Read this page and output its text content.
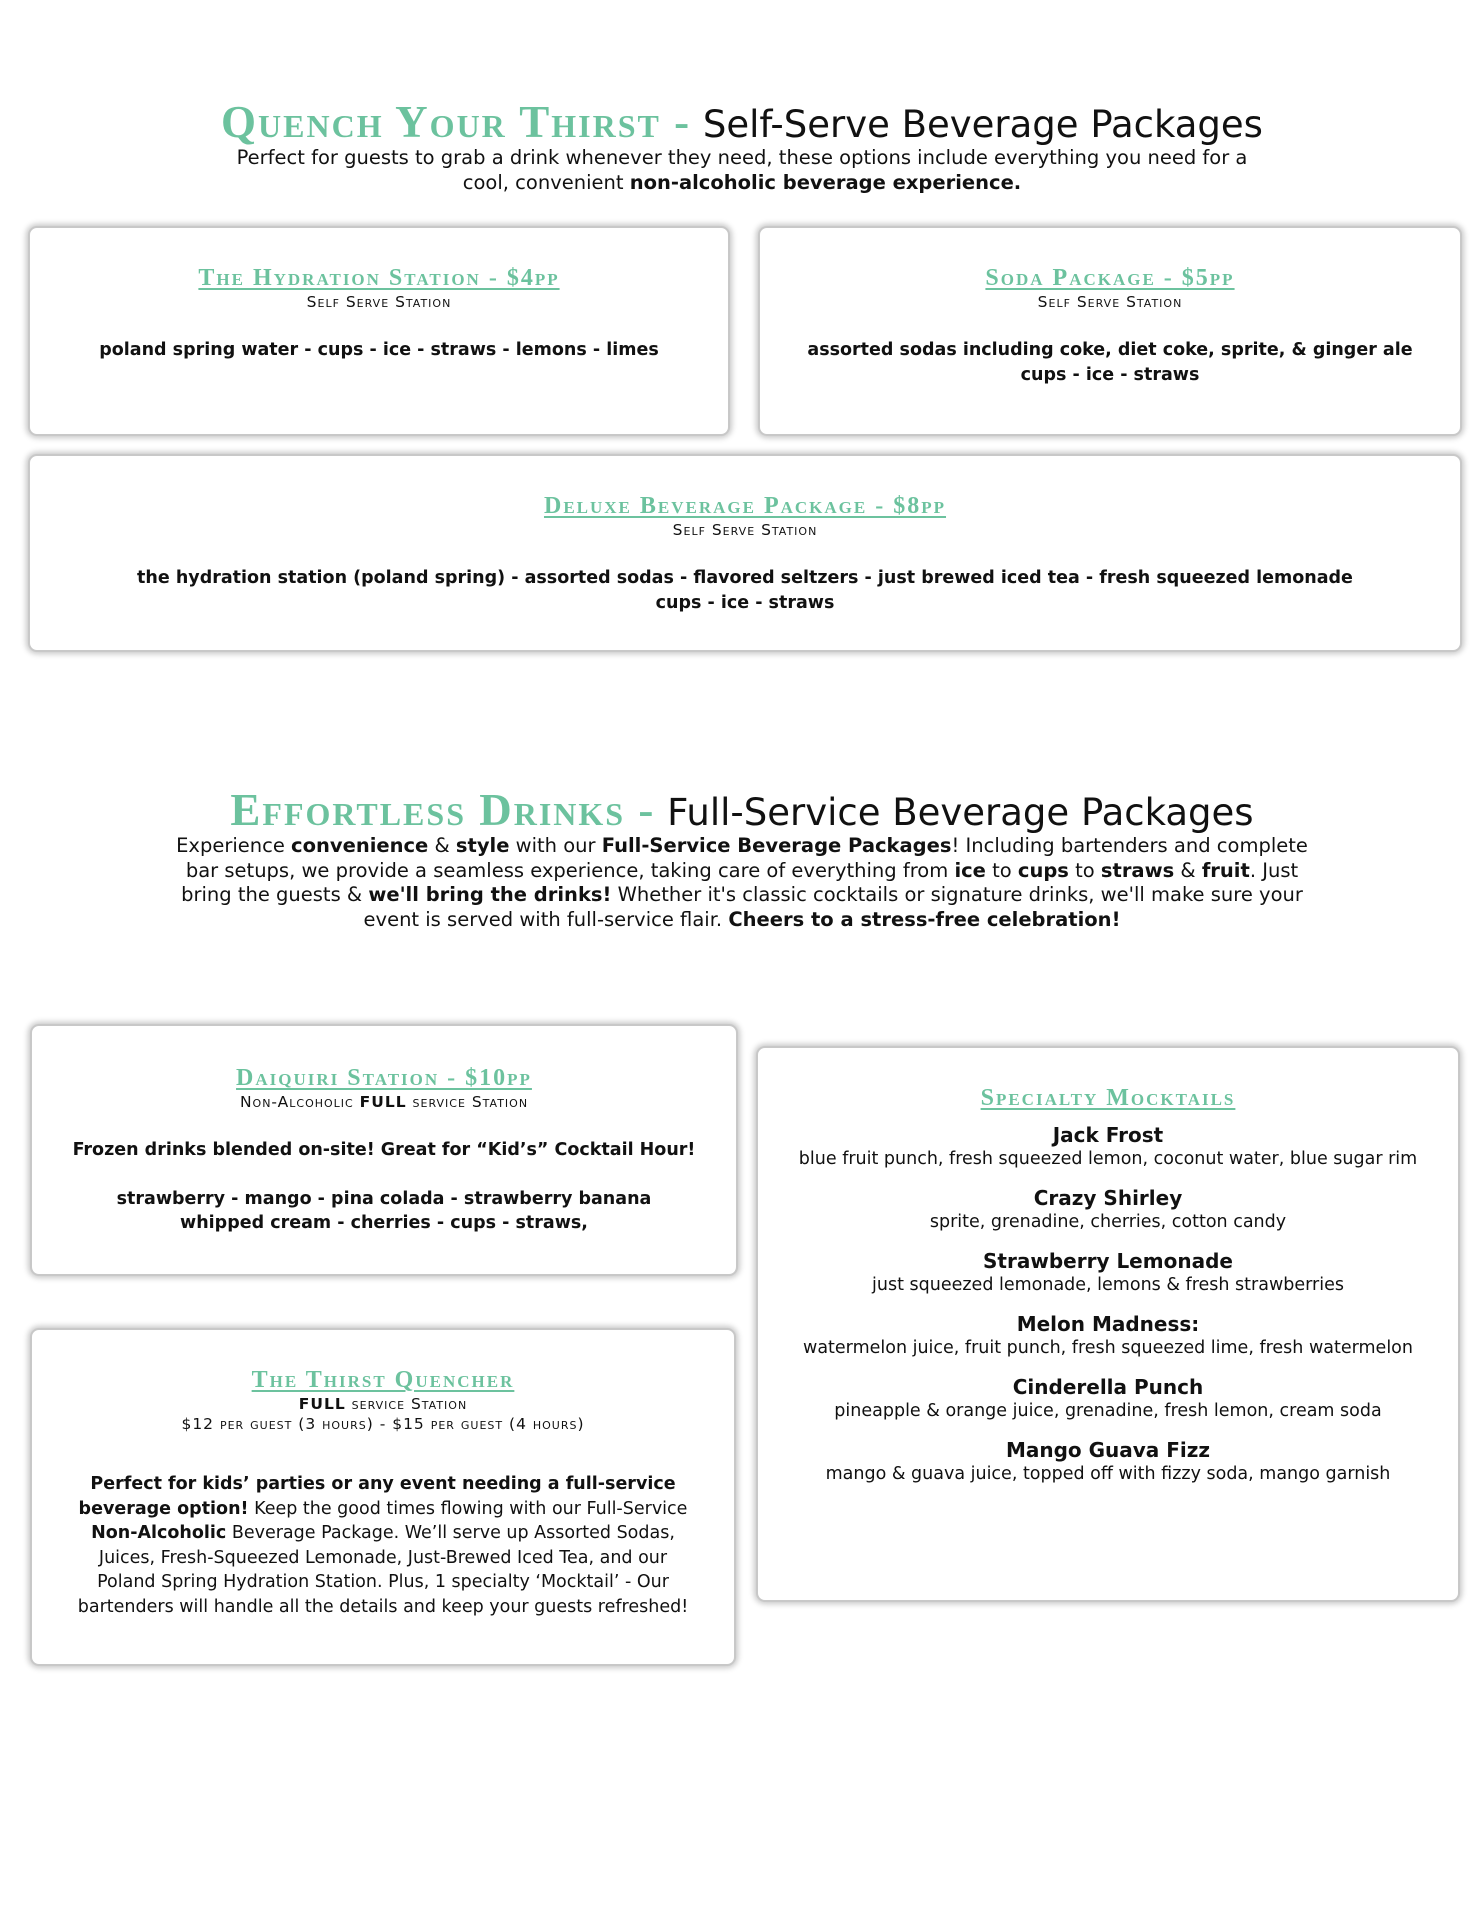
Quench Your Thirst - Self-Serve Beverage Packages
Perfect for guests to grab a drink whenever they need, these options include everything you need for a
cool, convenient non-alcoholic beverage experience.
The Hydration Station - $4pp
Self Serve Station
poland spring water - cups - ice - straws - lemons - limes
Soda Package - $5pp
Self Serve Station
assorted sodas including coke, diet coke, sprite, & ginger ale
cups - ice - straws
Deluxe Beverage Package - $8pp
Self Serve Station
the hydration station (poland spring) - assorted sodas - flavored seltzers - just brewed iced tea - fresh squeezed lemonade
cups - ice - straws
Effortless Drinks - Full-Service Beverage Packages
Experience convenience & style with our Full-Service Beverage Packages! Including bartenders and complete bar setups, we provide a seamless experience, taking care of everything from ice to cups to straws & fruit. Just bring the guests & we'll bring the drinks! Whether it's classic cocktails or signature drinks, we'll make sure your event is served with full-service flair. Cheers to a stress-free celebration!
Daiquiri Station - $10pp
Non-Alcoholic FULL service Station
Frozen drinks blended on-site! Great for “Kid’s” Cocktail Hour!
strawberry - mango - pina colada - strawberry banana
whipped cream - cherries - cups - straws,
The Thirst Quencher
FULL service Station
$12 per guest (3 hours) - $15 per guest (4 hours)
Perfect for kids’ parties or any event needing a full-service beverage option! Keep the good times flowing with our Full-Service Non-Alcoholic Beverage Package. We’ll serve up Assorted Sodas, Juices, Fresh-Squeezed Lemonade, Just-Brewed Iced Tea, and our Poland Spring Hydration Station. Plus, 1 specialty ‘Mocktail’ - Our bartenders will handle all the details and keep your guests refreshed!
Specialty Mocktails
Jack Frost
blue fruit punch, fresh squeezed lemon, coconut water, blue sugar rim
Crazy Shirley
sprite, grenadine, cherries, cotton candy
Strawberry Lemonade
just squeezed lemonade, lemons & fresh strawberries
Melon Madness:
watermelon juice, fruit punch, fresh squeezed lime, fresh watermelon
Cinderella Punch
pineapple & orange juice, grenadine, fresh lemon, cream soda
Mango Guava Fizz
mango & guava juice, topped off with fizzy soda, mango garnish
